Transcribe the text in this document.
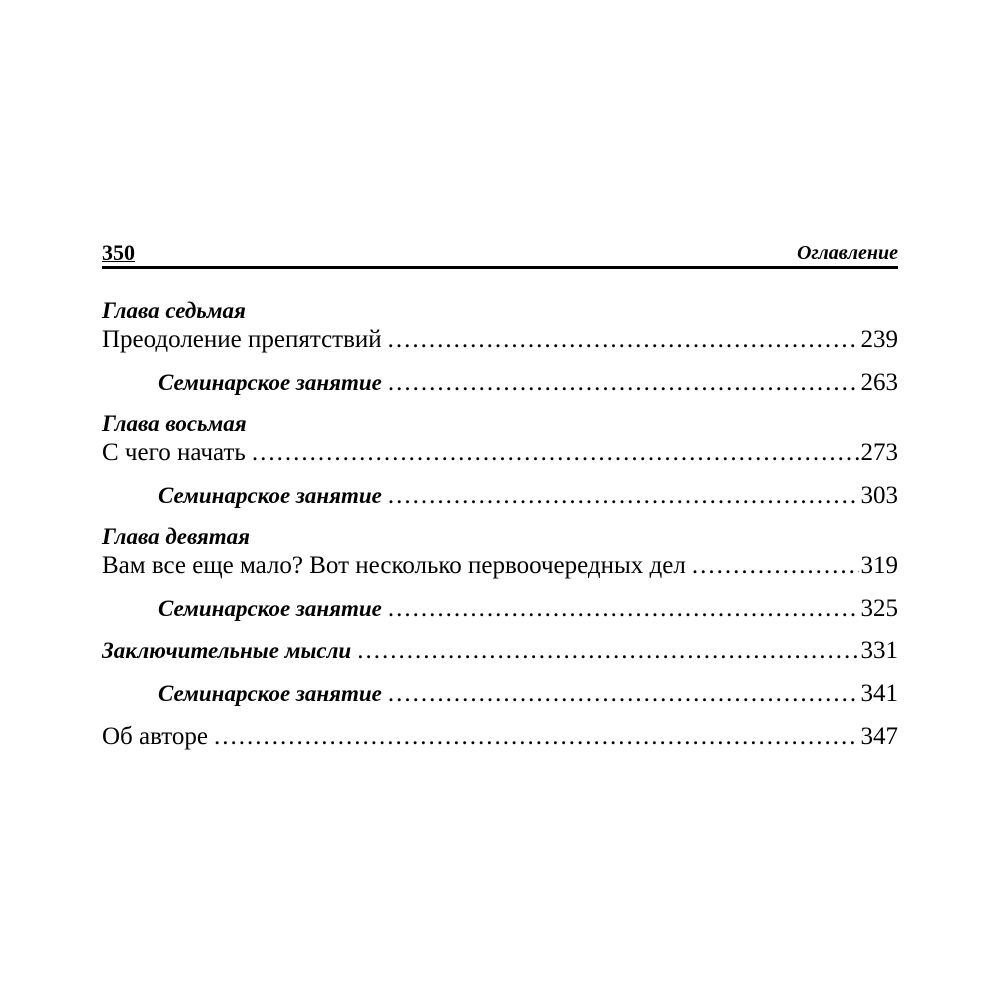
350	Оглавление
Глава седьмая
Преодоление препятствий .....	239
Семинарское занятие .....	263
Глава восьмая
С чего начать .....	273
Семинарское занятие .....	303
Глава девятая
Вам все еще мало? Вот несколько первоочередных дел .....	319
Семинарское занятие .....	325
Заключительные мысли .....	331
Семинарское занятие .....	341
Об авторе .....	347
